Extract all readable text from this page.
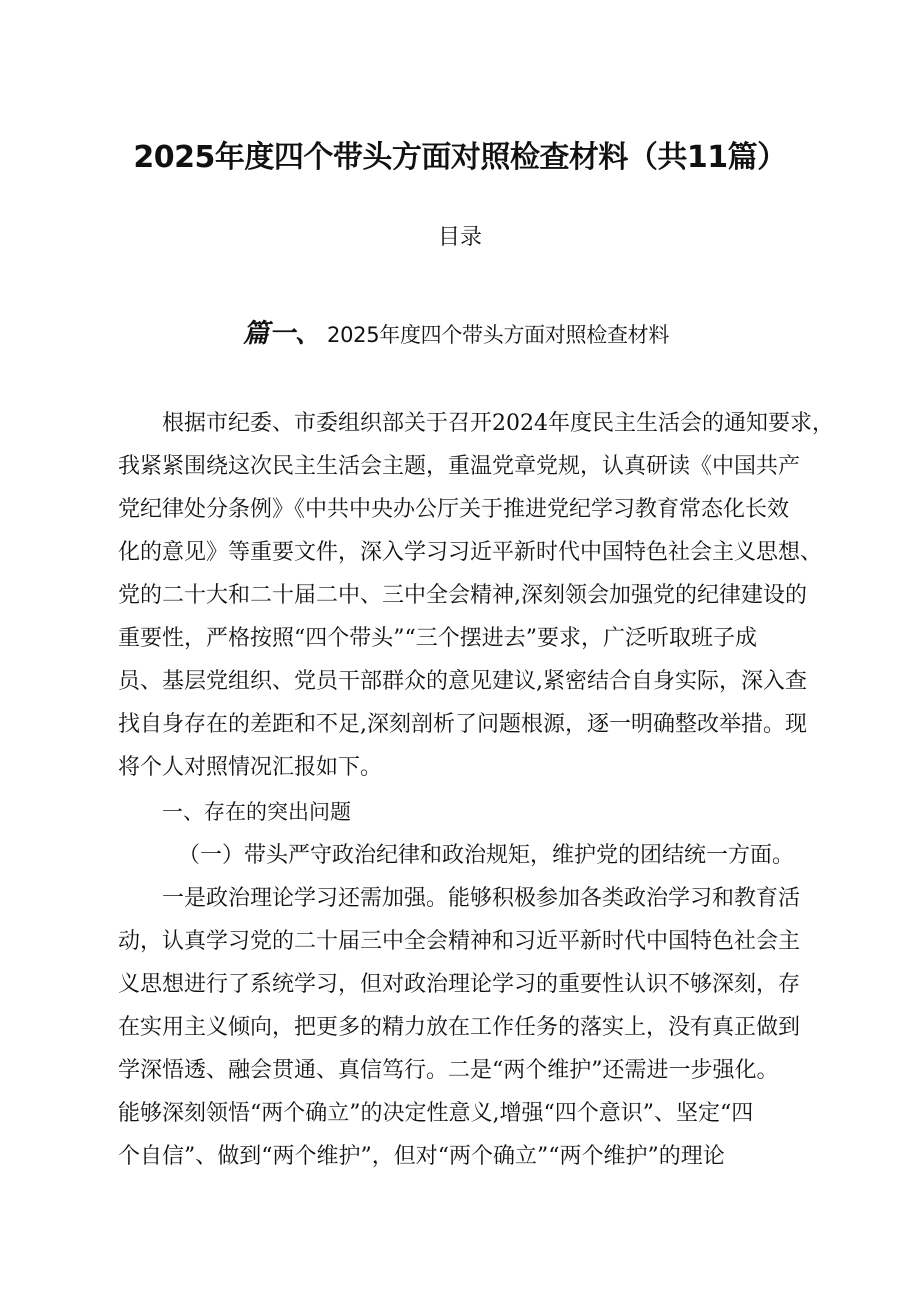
2025年度四个带头方面对照检查材料（共11篇）
目录
篇一、 2025年度四个带头方面对照检查材料
根据市纪委、市委组织部关于召开2024年度民主生活会的通知要求，
我紧紧围绕这次民主生活会主题，重温党章党规，认真研读《中国共产
党纪律处分条例》《中共中央办公厅关于推进党纪学习教育常态化长效
化的意见》等重要文件，深入学习习近平新时代中国特色社会主义思想、
党的二十大和二十届二中、三中全会精神,深刻领会加强党的纪律建设的
重要性，严格按照“四个带头”“三个摆进去”要求，广泛听取班子成
员、基层党组织、党员干部群众的意见建议,紧密结合自身实际，深入查
找自身存在的差距和不足,深刻剖析了问题根源，逐一明确整改举措。现
将个人对照情况汇报如下。
一、存在的突出问题
（一）带头严守政治纪律和政治规矩，维护党的团结统一方面。
一是政治理论学习还需加强。能够积极参加各类政治学习和教育活
动，认真学习党的二十届三中全会精神和习近平新时代中国特色社会主
义思想进行了系统学习，但对政治理论学习的重要性认识不够深刻，存
在实用主义倾向，把更多的精力放在工作任务的落实上，没有真正做到
学深悟透、融会贯通、真信笃行。二是“两个维护”还需进一步强化。
能够深刻领悟“两个确立”的决定性意义,增强“四个意识”、坚定“四
个自信”、做到“两个维护”，但对“两个确立”“两个维护”的理论
